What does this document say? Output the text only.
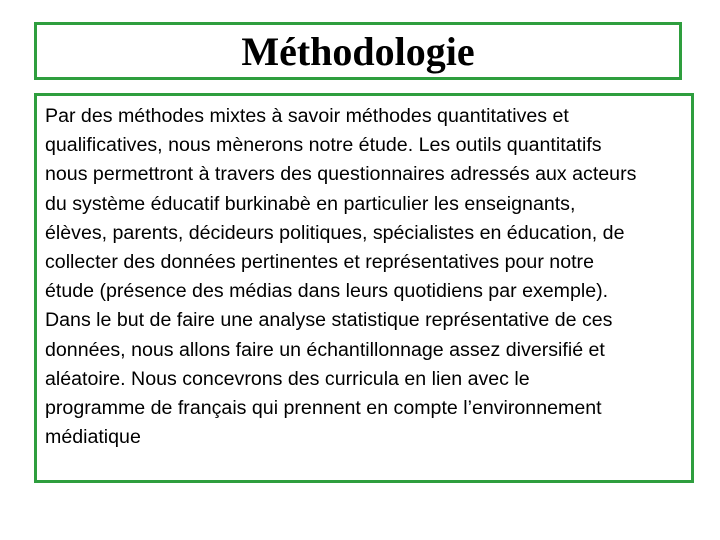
Méthodologie

Par des méthodes mixtes à savoir méthodes quantitatives et
qualificatives, nous mènerons notre étude. Les outils quantitatifs
nous permettront à travers des questionnaires adressés aux acteurs
du système éducatif burkinabè en particulier les enseignants,
élèves, parents, décideurs politiques, spécialistes en éducation, de
collecter des données pertinentes et représentatives pour notre
étude (présence des médias dans leurs quotidiens par exemple).
Dans le but de faire une analyse statistique représentative de ces
données, nous allons faire un échantillonnage assez diversifié et
aléatoire. Nous concevrons des curricula en lien avec le
programme de français qui prennent en compte l’environnement
médiatique
